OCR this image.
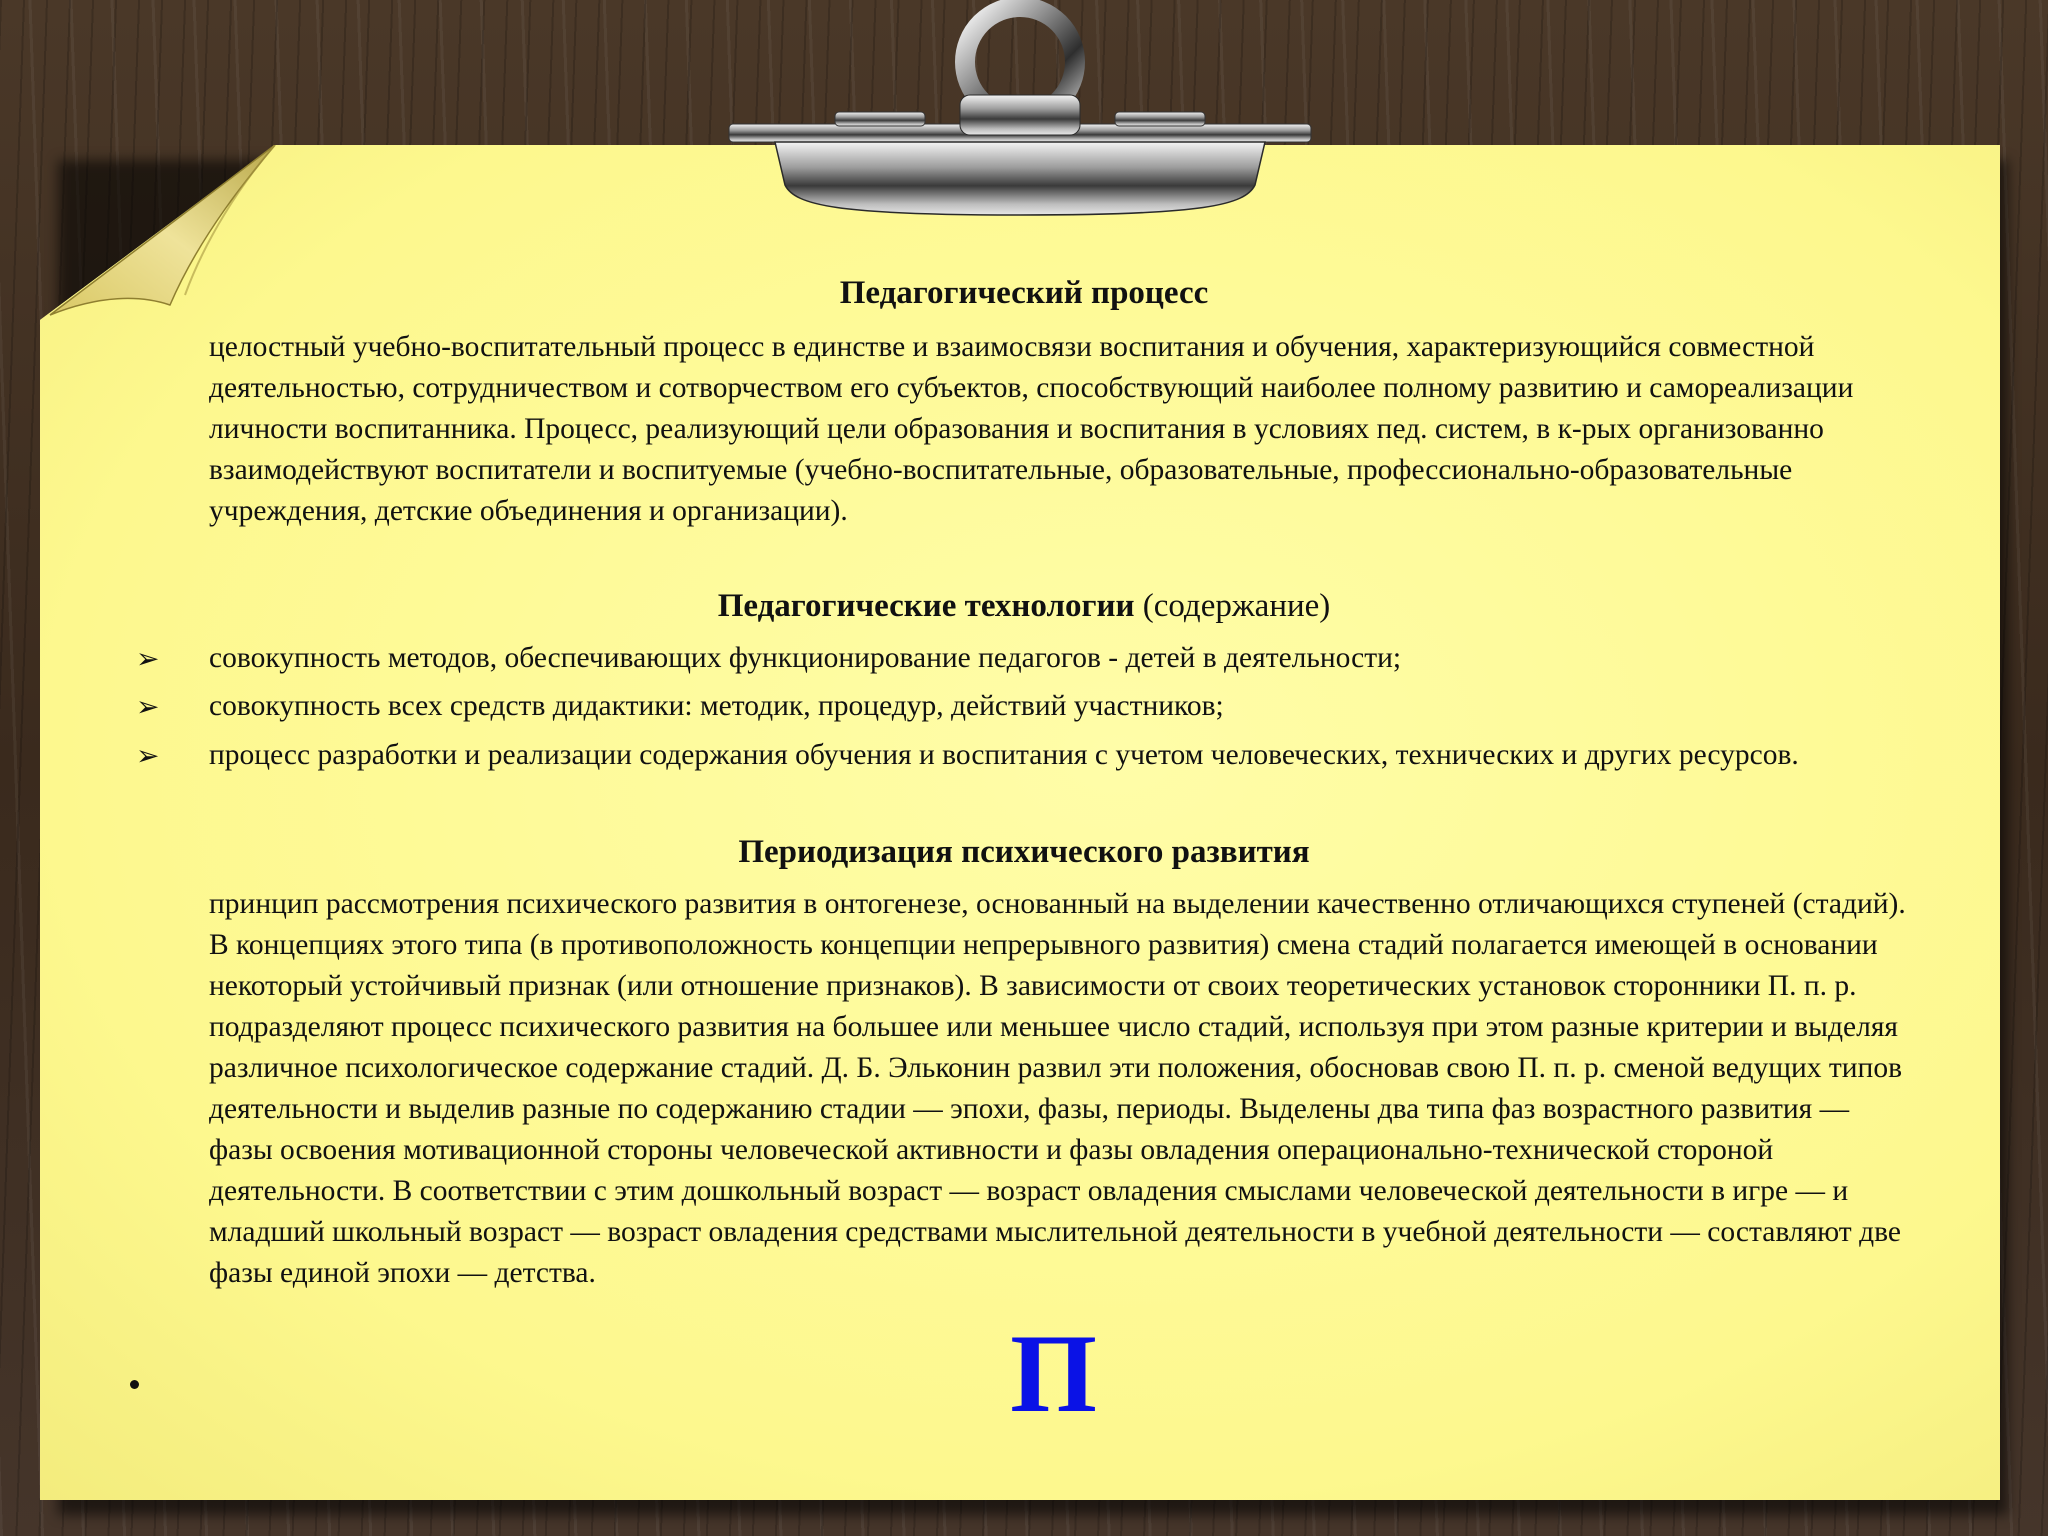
Педагогический процесс

целостный учебно-воспитательный процесс в единстве и взаимосвязи воспитания и обучения, характеризующийся совместной деятельностью, сотрудничеством и сотворчеством его субъектов, способствующий наиболее полному развитию и самореализации личности воспитанника. Процесс, реализующий цели образования и воспитания в условиях пед. систем, в к-рых организованно взаимодействуют воспитатели и воспитуемые (учебно-воспитательные, образовательные, профессионально-образовательные учреждения, детские объединения и организации).

Педагогические технологии (содержание)
➢ совокупность методов, обеспечивающих функционирование педагогов - детей в деятельности;

➢ совокупность всех средств дидактики: методик, процедур, действий участников;

➢ процесс разработки и реализации содержания обучения и воспитания с учетом человеческих, технических и других ресурсов.

Периодизация психического развития

принцип рассмотрения психического развития в онтогенезе, основанный на выделении качественно отличающихся ступеней (стадий). В концепциях этого типа (в противоположность концепции непрерывного развития) смена стадий полагается имеющей в основании некоторый устойчивый признак (или отношение признаков). В зависимости от своих теоретических установок сторонники П. п. р. подразделяют процесс психического развития на большее или меньшее число стадий, используя при этом разные критерии и выделяя различное психологическое содержание стадий. Д. Б. Эльконин развил эти положения, обосновав свою П. п. р. сменой ведущих типов деятельности и выделив разные по содержанию стадии — эпохи, фазы, периоды. Выделены два типа фаз возрастного развития — фазы освоения мотивационной стороны человеческой активности и фазы овладения операционально-технической стороной деятельности. В соответствии с этим дошкольный возраст — возраст овладения смыслами человеческой деятельности в игре — и младший школьный возраст — возраст овладения средствами мыслительной деятельности в учебной деятельности — составляют две фазы единой эпохи — детства.

П
